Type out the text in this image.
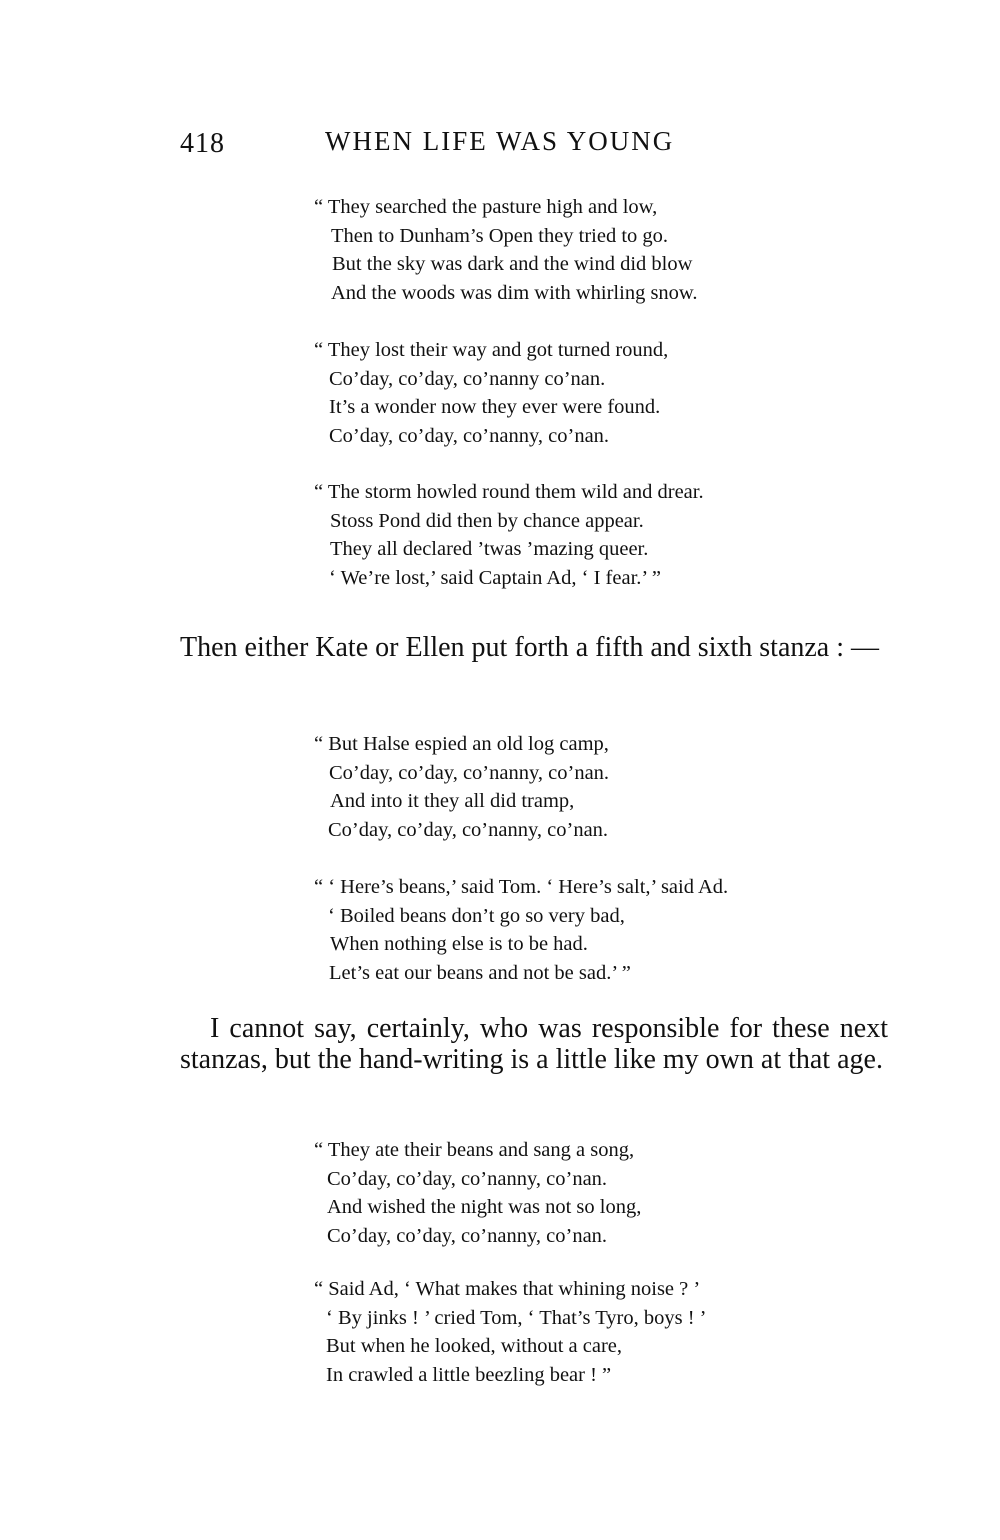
418	WHEN LIFE WAS YOUNG

“ They searched the pasture high and low,
Then to Dunham’s Open they tried to go.
But the sky was dark and the wind did blow
And the woods was dim with whirling snow.

“ They lost their way and got turned round,
Co’day, co’day, co’nanny co’nan.
It’s a wonder now they ever were found.
Co’day, co’day, co’nanny, co’nan.

“ The storm howled round them wild and drear.
Stoss Pond did then by chance appear.
They all declared ’twas ’mazing queer.
‘ We’re lost,’ said Captain Ad, ‘ I fear.’ ”

Then either Kate or Ellen put forth a fifth and sixth stanza : —

“ But Halse espied an old log camp,
Co’day, co’day, co’nanny, co’nan.
And into it they all did tramp,
Co’day, co’day, co’nanny, co’nan.

“ ‘ Here’s beans,’ said Tom. ‘ Here’s salt,’ said Ad.
‘ Boiled beans don’t go so very bad,
When nothing else is to be had.
Let’s eat our beans and not be sad.’ ”

I cannot say, certainly, who was responsible for these next stanzas, but the hand-writing is a little like my own at that age.

“ They ate their beans and sang a song,
Co’day, co’day, co’nanny, co’nan.
And wished the night was not so long,
Co’day, co’day, co’nanny, co’nan.

“ Said Ad, ‘ What makes that whining noise ? ’
‘ By jinks ! ’ cried Tom, ‘ That’s Tyro, boys ! ’
But when he looked, without a care,
In crawled a little beezling bear ! ”
